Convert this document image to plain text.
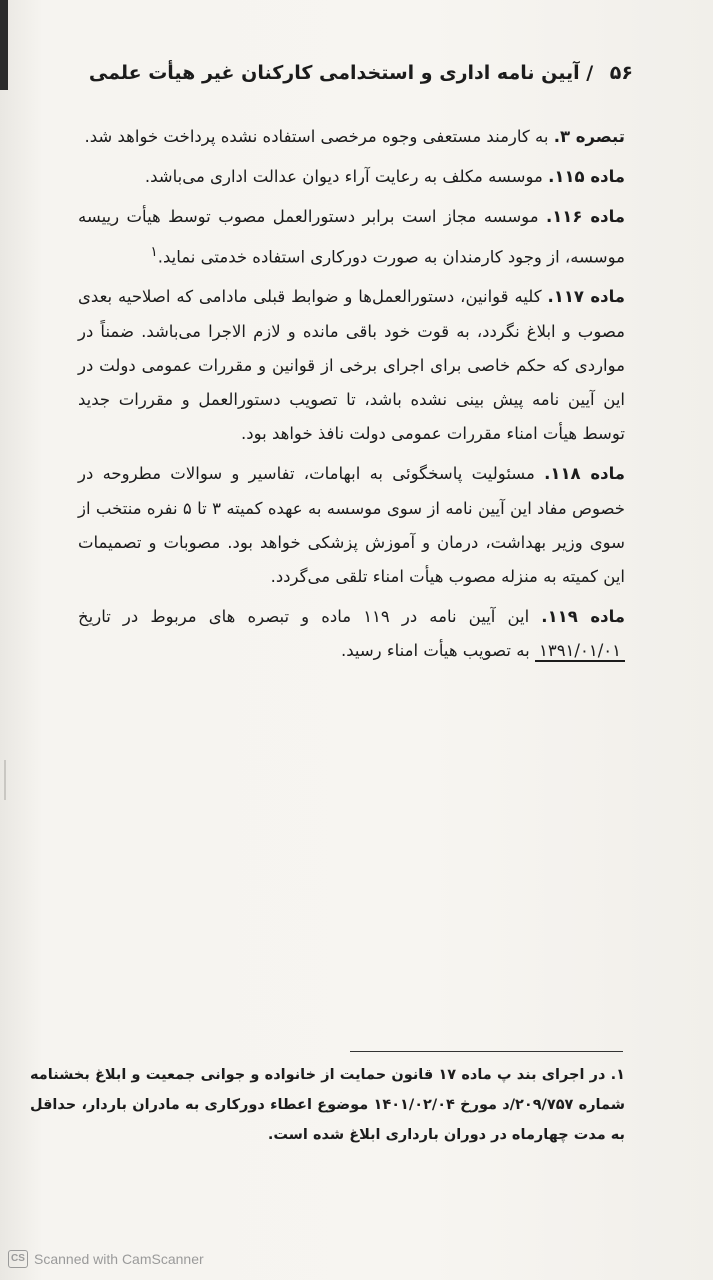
۵۶ / آیین نامه اداری و استخدامی کارکنان غیر هیأت علمی

تبصره ۳. به کارمند مستعفی وجوه مرخصی استفاده نشده پرداخت خواهد شد.

ماده ۱۱۵. موسسه مکلف به رعایت آراء دیوان عدالت اداری می‌باشد.

ماده ۱۱۶. موسسه مجاز است برابر دستورالعمل مصوب توسط هیأت رییسه موسسه، از وجود کارمندان به صورت دورکاری استفاده خدمتی نماید.$^۱$

ماده ۱۱۷. کلیه قوانین، دستورالعمل‌ها و ضوابط قبلی مادامی که اصلاحیه بعدی مصوب و ابلاغ نگردد، به قوت خود باقی مانده و لازم الاجرا می‌باشد. ضمناً در مواردی که حکم خاصی برای اجرای برخی از قوانین و مقررات عمومی دولت در این آیین نامه پیش بینی نشده باشد، تا تصویب دستورالعمل و مقررات جدید توسط هیأت امناء مقررات عمومی دولت نافذ خواهد بود.

ماده ۱۱۸. مسئولیت پاسخگوئی به ابهامات، تفاسیر و سوالات مطروحه در خصوص مفاد این آیین نامه از سوی موسسه به عهده کمیته ۳ تا ۵ نفره منتخب از سوی وزیر بهداشت، درمان و آموزش پزشکی خواهد بود. مصوبات و تصمیمات این کمیته به منزله مصوب هیأت امناء تلقی می‌گردد.

ماده ۱۱۹. این آیین نامه در ۱۱۹ ماده و تبصره های مربوط در تاریخ ۱۳۹۱/۰۱/۰۱ به تصویب هیأت امناء رسید.

۱. در اجرای بند پ ماده ۱۷ قانون حمایت از خانواده و جوانی جمعیت و ابلاغ بخشنامه شماره ۲۰۹/۷۵۷/د مورخ ۱۴۰۱/۰۲/۰۴ موضوع اعطاء دورکاری به مادران باردار، حداقل به مدت چهارماه در دوران بارداری ابلاغ شده است.

CS Scanned with CamScanner
